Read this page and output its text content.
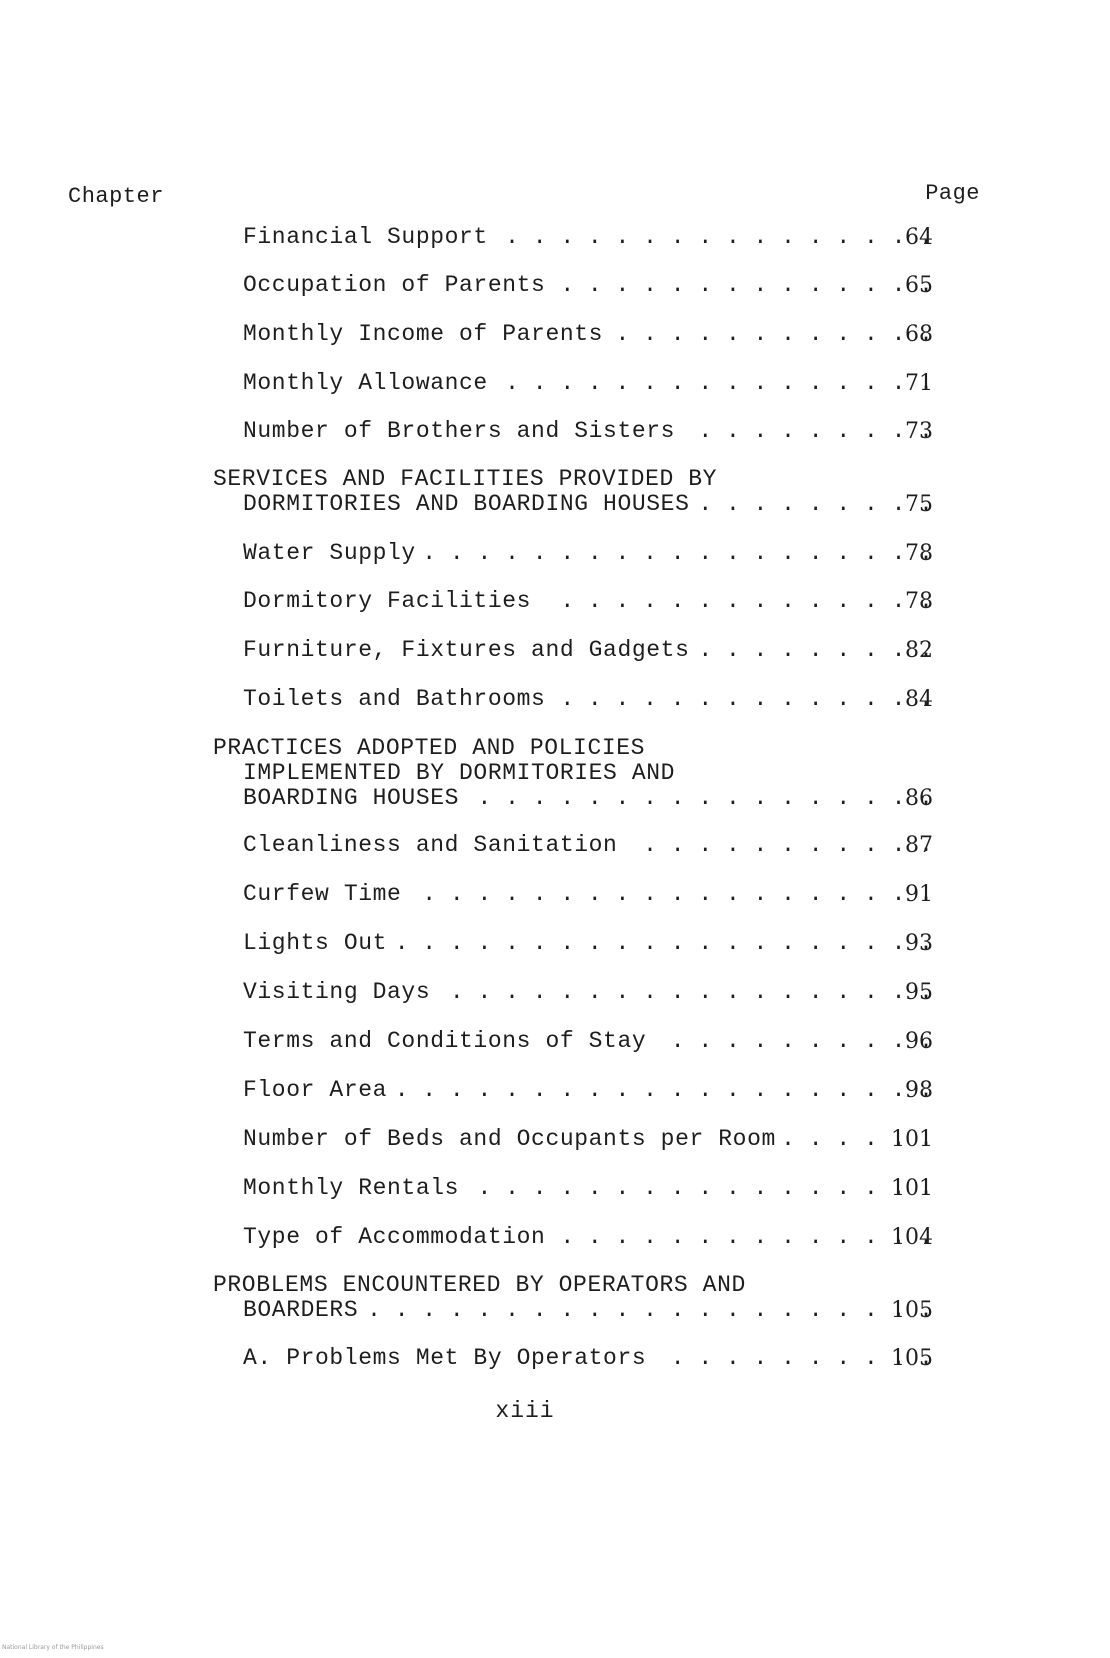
Chapter	Page
Financial Support . . .	64
Occupation of Parents . . .	65
Monthly Income of Parents . . .	68
Monthly Allowance . . .	71
Number of Brothers and Sisters . . .	73
SERVICES AND FACILITIES PROVIDED BY
DORMITORIES AND BOARDING HOUSES . . .	75
Water Supply . . .	78
Dormitory Facilities . . .	78
Furniture, Fixtures and Gadgets . . .	82
Toilets and Bathrooms . . .	84
PRACTICES ADOPTED AND POLICIES
IMPLEMENTED BY DORMITORIES AND
BOARDING HOUSES . . .	86
Cleanliness and Sanitation . . .	87
Curfew Time . . .	91
Lights Out . . .	93
Visiting Days . . .	95
Terms and Conditions of Stay . . .	96
Floor Area . . .	98
Number of Beds and Occupants per Room . . .	101
Monthly Rentals . . .	101
Type of Accommodation . . .	104
PROBLEMS ENCOUNTERED BY OPERATORS AND
BOARDERS . . .	105
A. Problems Met By Operators . . .	105
xiii
National Library of the Philippines
